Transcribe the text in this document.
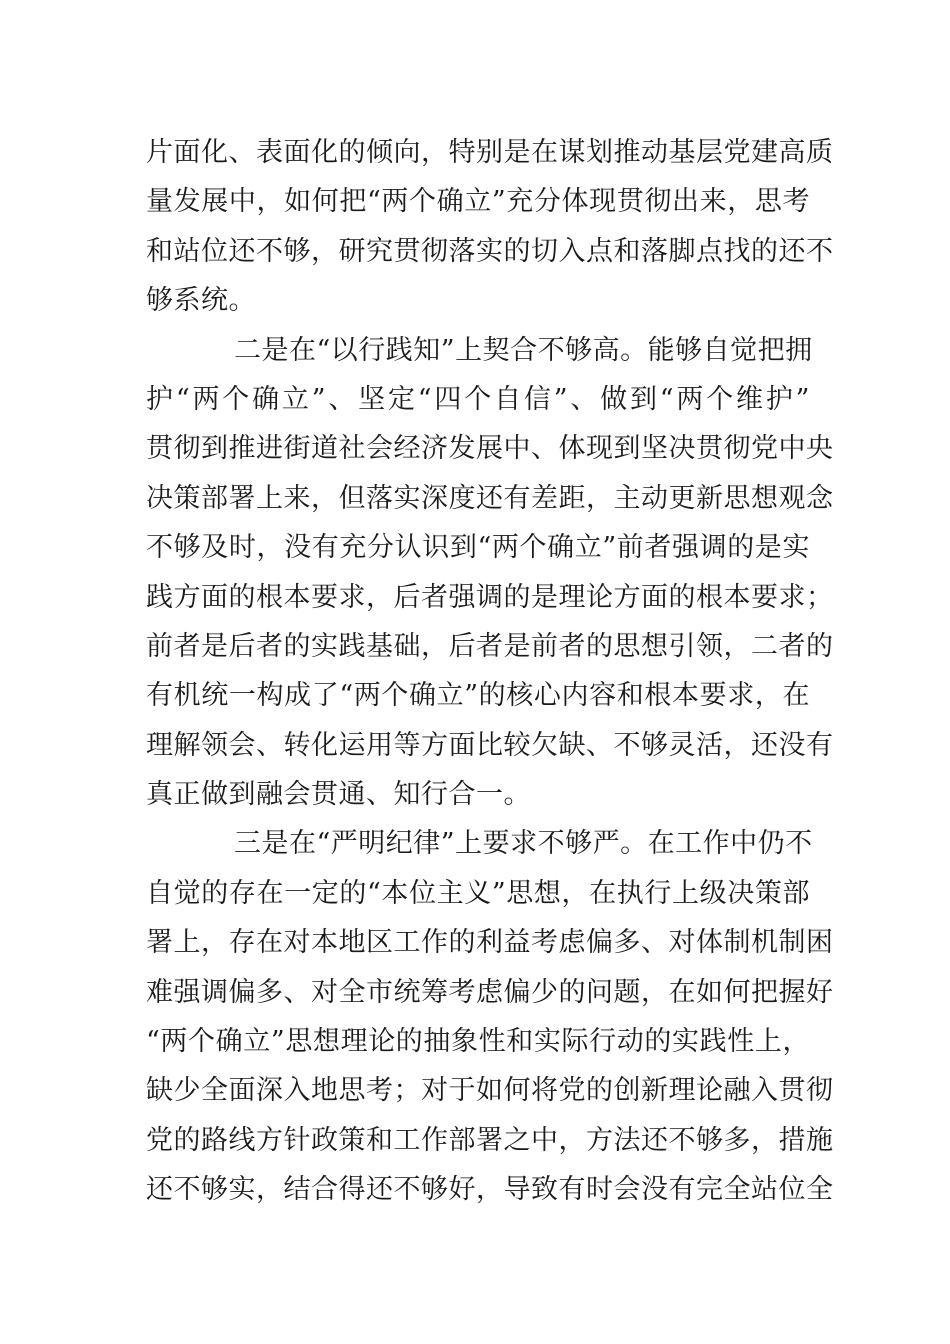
片面化、表面化的倾向，特别是在谋划推动基层党建高质
量发展中，如何把“两个确立”充分体现贯彻出来，思考
和站位还不够，研究贯彻落实的切入点和落脚点找的还不
够系统。
二是在“以行践知”上契合不够高。能够自觉把拥
护“两个确立”、坚定“四个自信”、做到“两个维护”
贯彻到推进街道社会经济发展中、体现到坚决贯彻党中央
决策部署上来，但落实深度还有差距，主动更新思想观念
不够及时，没有充分认识到“两个确立”前者强调的是实
践方面的根本要求，后者强调的是理论方面的根本要求；
前者是后者的实践基础，后者是前者的思想引领，二者的
有机统一构成了“两个确立”的核心内容和根本要求，在
理解领会、转化运用等方面比较欠缺、不够灵活，还没有
真正做到融会贯通、知行合一。
三是在“严明纪律”上要求不够严。在工作中仍不
自觉的存在一定的“本位主义”思想，在执行上级决策部
署上，存在对本地区工作的利益考虑偏多、对体制机制困
难强调偏多、对全市统筹考虑偏少的问题，在如何把握好
“两个确立”思想理论的抽象性和实际行动的实践性上，
缺少全面深入地思考；对于如何将党的创新理论融入贯彻
党的路线方针政策和工作部署之中，方法还不够多，措施
还不够实，结合得还不够好，导致有时会没有完全站位全
